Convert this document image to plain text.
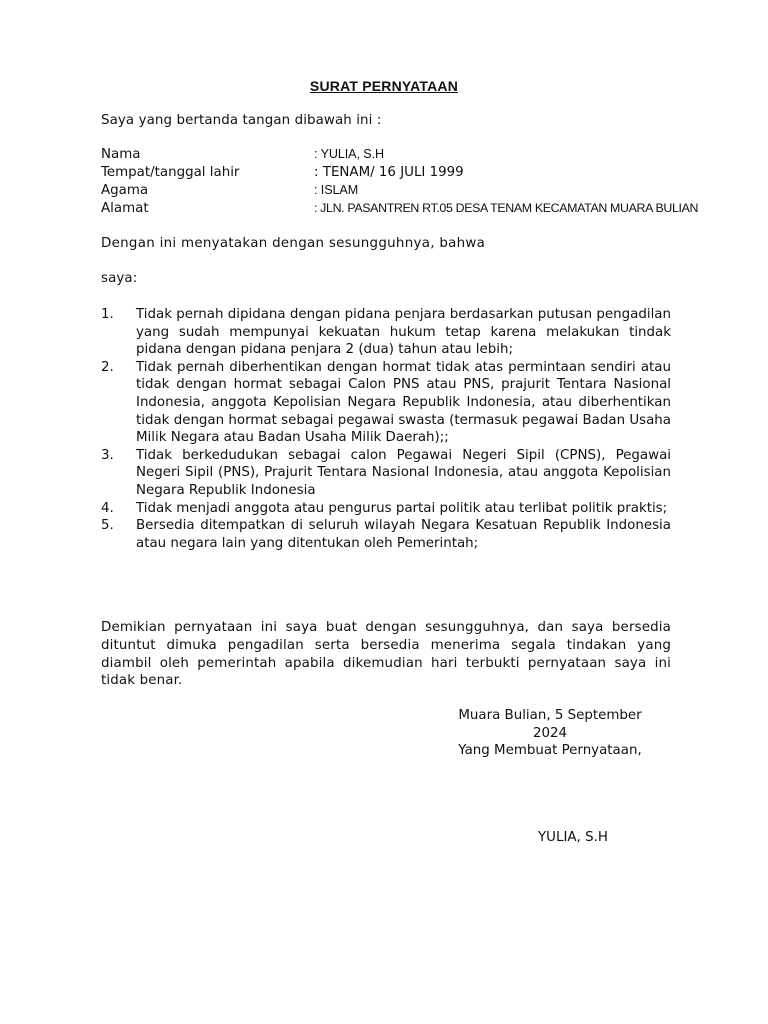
SURAT PERNYATAAN
Saya yang bertanda tangan dibawah ini :
Nama	: YULIA, S.H
Tempat/tanggal lahir	: TENAM/ 16 JULI 1999
Agama	: ISLAM
Alamat	: JLN. PASANTREN RT.05 DESA TENAM KECAMATAN MUARA BULIAN
Dengan ini menyatakan dengan sesungguhnya, bahwa
saya:
1. Tidak pernah dipidana dengan pidana penjara berdasarkan putusan pengadilan yang sudah mempunyai kekuatan hukum tetap karena melakukan tindak pidana dengan pidana penjara 2 (dua) tahun atau lebih;
2. Tidak pernah diberhentikan dengan hormat tidak atas permintaan sendiri atau tidak dengan hormat sebagai Calon PNS atau PNS, prajurit Tentara Nasional Indonesia, anggota Kepolisian Negara Republik Indonesia, atau diberhentikan tidak dengan hormat sebagai pegawai swasta (termasuk pegawai Badan Usaha Milik Negara atau Badan Usaha Milik Daerah);;
3. Tidak berkedudukan sebagai calon Pegawai Negeri Sipil (CPNS), Pegawai Negeri Sipil (PNS), Prajurit Tentara Nasional Indonesia, atau anggota Kepolisian Negara Republik Indonesia
4. Tidak menjadi anggota atau pengurus partai politik atau terlibat politik praktis;
5. Bersedia ditempatkan di seluruh wilayah Negara Kesatuan Republik Indonesia atau negara lain yang ditentukan oleh Pemerintah;
Demikian pernyataan ini saya buat dengan sesungguhnya, dan saya bersedia dituntut dimuka pengadilan serta bersedia menerima segala tindakan yang diambil oleh pemerintah apabila dikemudian hari terbukti pernyataan saya ini tidak benar.
Muara Bulian, 5 September
2024
Yang Membuat Pernyataan,
YULIA, S.H
